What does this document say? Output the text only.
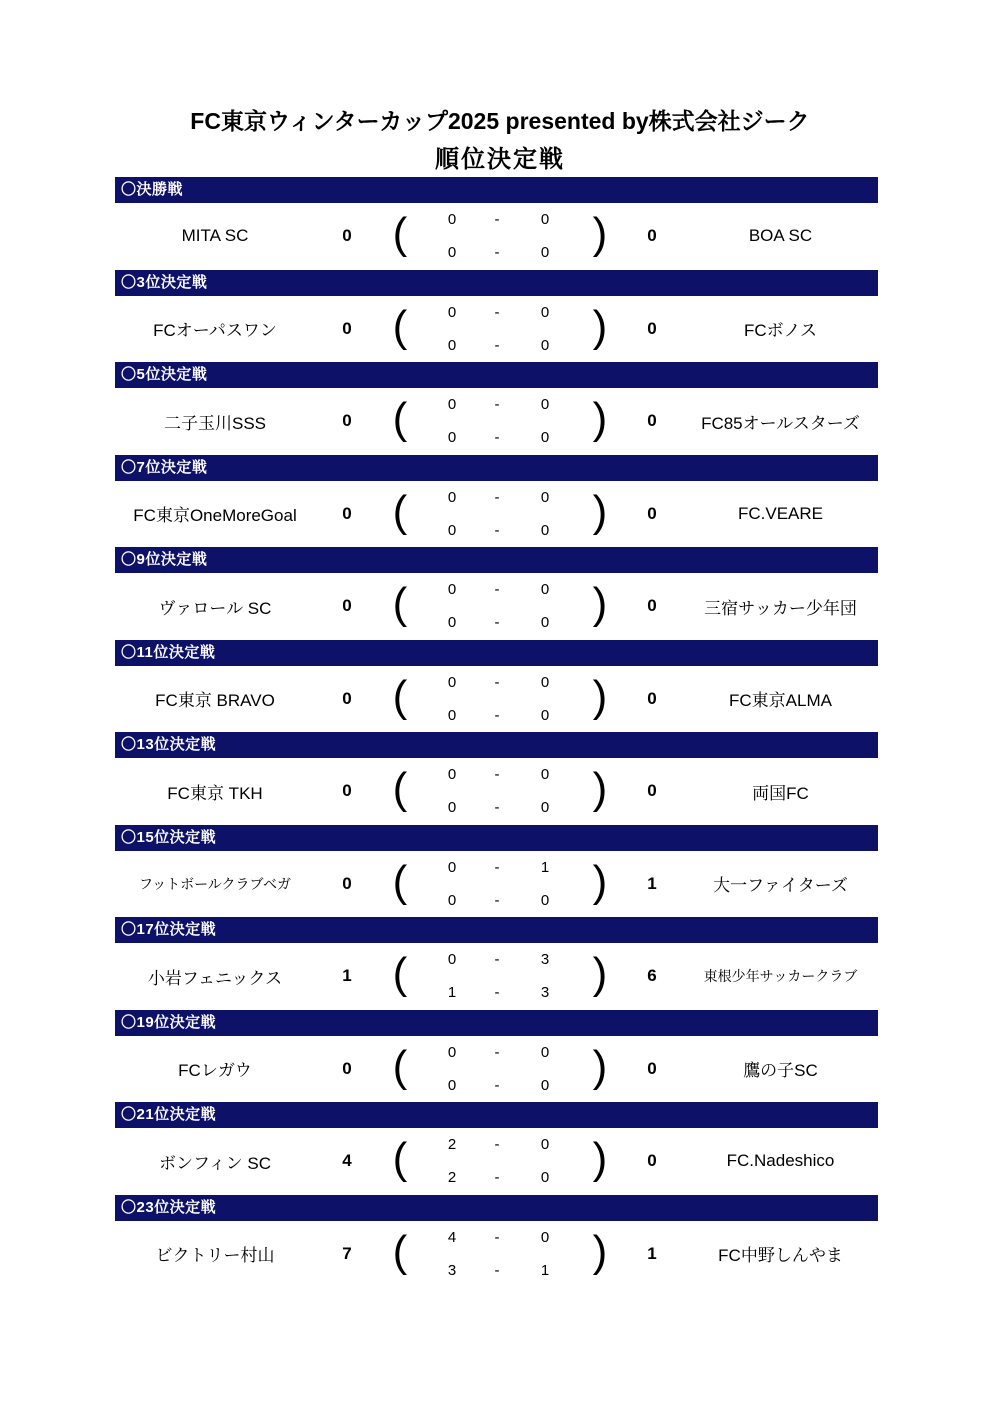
FC東京ウィンターカップ2025 presented by株式会社ジーク
順位決定戦
〇決勝戦
MITA SC	0 (	0	-	0
0	-	0 )	0	BOA SC
〇3位決定戦
FCオーパスワン	0 (	0	-	0
0	-	0 )	0	FCボノス
〇5位決定戦
二子玉川SSS	0 (	0	-	0
0	-	0 )	0	FC85オールスターズ
〇7位決定戦
FC東京OneMoreGoal	0 (	0	-	0
0	-	0 )	0	FC.VEARE
〇9位決定戦
ヴァロール SC	0 (	0	-	0
0	-	0 )	0	三宿サッカー少年団
〇11位決定戦
FC東京 BRAVO	0 (	0	-	0
0	-	0 )	0	FC東京ALMA
〇13位決定戦
FC東京 TKH	0 (	0	-	0
0	-	0 )	0	両国FC
〇15位決定戦
フットボールクラブベガ	0 (	0	-	1
0	-	0 )	1	大一ファイターズ
〇17位決定戦
小岩フェニックス	1 (	0	-	3
1	-	3 )	6	東根少年サッカークラブ
〇19位決定戦
FCレガウ	0 (	0	-	0
0	-	0 )	0	鷹の子SC
〇21位決定戦
ボンフィン SC	4 (	2	-	0
2	-	0 )	0	FC.Nadeshico
〇23位決定戦
ビクトリー村山	7 (	4	-	0
3	-	1 )	1	FC中野しんやま
